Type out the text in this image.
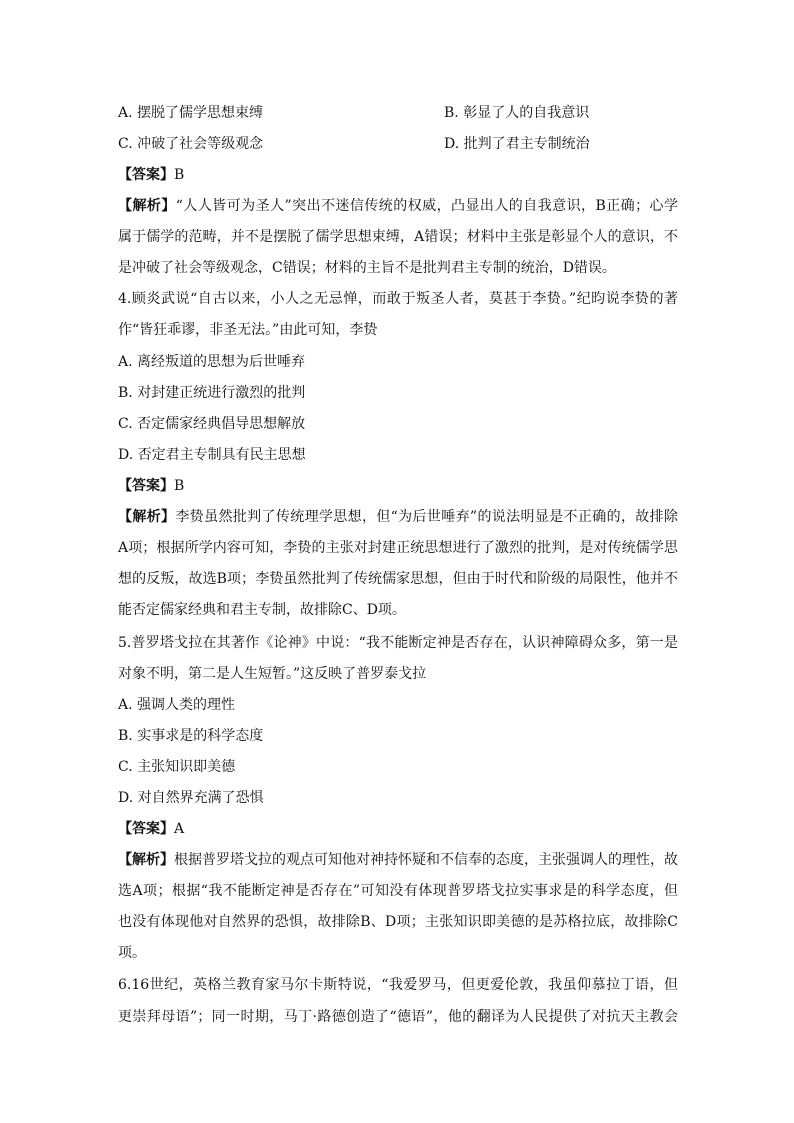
A. 摆脱了儒学思想束缚	B. 彰显了人的自我意识
C. 冲破了社会等级观念	D. 批判了君主专制统治
【答案】B
【解析】“人人皆可为圣人”突出不迷信传统的权威，凸显出人的自我意识，B正确；心学
属于儒学的范畴，并不是摆脱了儒学思想束缚，A错误；材料中主张是彰显个人的意识，不
是冲破了社会等级观念，C错误；材料的主旨不是批判君主专制的统治，D错误。
4.顾炎武说“自古以来，小人之无忌惮，而敢于叛圣人者，莫甚于李贽。”纪昀说李贽的著
作“皆狂乖谬，非圣无法。”由此可知，李贽
A. 离经叛道的思想为后世唾弃
B. 对封建正统进行激烈的批判
C. 否定儒家经典倡导思想解放
D. 否定君主专制具有民主思想
【答案】B
【解析】李贽虽然批判了传统理学思想，但“为后世唾弃”的说法明显是不正确的，故排除
A项；根据所学内容可知，李贽的主张对封建正统思想进行了激烈的批判，是对传统儒学思
想的反叛，故选B项；李贽虽然批判了传统儒家思想，但由于时代和阶级的局限性，他并不
能否定儒家经典和君主专制，故排除C、D项。
5.普罗塔戈拉在其著作《论神》中说：“我不能断定神是否存在，认识神障碍众多，第一是
对象不明，第二是人生短暂。”这反映了普罗泰戈拉
A. 强调人类的理性
B. 实事求是的科学态度
C. 主张知识即美德
D. 对自然界充满了恐惧
【答案】A
【解析】根据普罗塔戈拉的观点可知他对神持怀疑和不信奉的态度，主张强调人的理性，故
选A项；根据“我不能断定神是否存在”可知没有体现普罗塔戈拉实事求是的科学态度，但
也没有体现他对自然界的恐惧，故排除B、D项；主张知识即美德的是苏格拉底，故排除C
项。
6.16世纪，英格兰教育家马尔卡斯特说，“我爱罗马，但更爱伦敦，我虽仰慕拉丁语，但
更崇拜母语”；同一时期，马丁·路德创造了“德语”，他的翻译为人民提供了对抗天主教会
